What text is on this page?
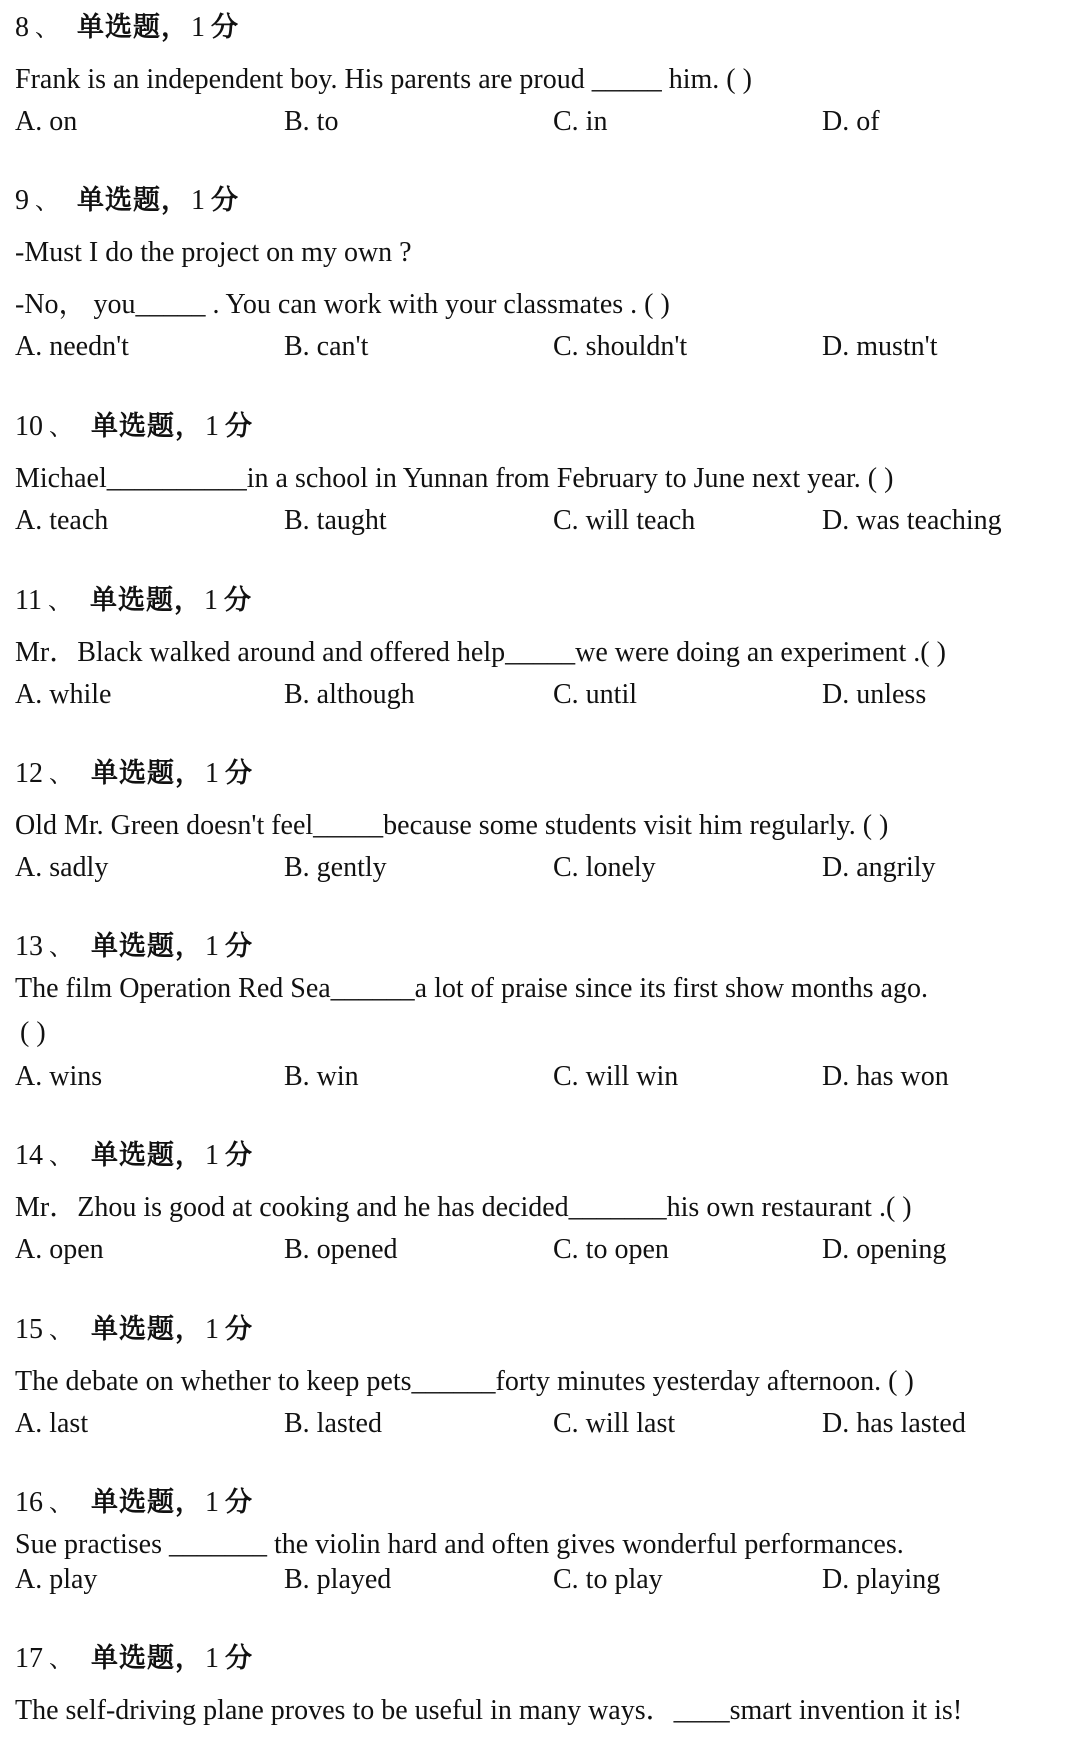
8 、 单选题，1 分
Frank is an independent boy. His parents are proud _____ him. ( )
A. on	B. to	C. in	D. of
9 、 单选题，1 分
-Must I do the project on my own ?
-No， you_____ . You can work with your classmates . ( )
A. needn't	B. can't	C. shouldn't	D. mustn't
10 、 单选题，1 分
Michael__________in a school in Yunnan from February to June next year. ( )
A. teach	B. taught	C. will teach	D. was teaching
11 、 单选题，1 分
Mr．Black walked around and offered help_____we were doing an experiment .( )
A. while	B. although	C. until	D. unless
12 、 单选题，1 分
Old Mr. Green doesn't feel_____because some students visit him regularly. ( )
A. sadly	B. gently	C. lonely	D. angrily
13 、 单选题，1 分
The film Operation Red Sea______a lot of praise since its first show months ago.
( )
A. wins	B. win	C. will win	D. has won
14 、 单选题，1 分
Mr．Zhou is good at cooking and he has decided_______his own restaurant .( )
A. open	B. opened	C. to open	D. opening
15 、 单选题，1 分
The debate on whether to keep pets______forty minutes yesterday afternoon. ( )
A. last	B. lasted	C. will last	D. has lasted
16 、 单选题，1 分
Sue practises _______ the violin hard and often gives wonderful performances.
A. play	B. played	C. to play	D. playing
17 、 单选题，1 分
The self-driving plane proves to be useful in many ways．____smart invention it is!
